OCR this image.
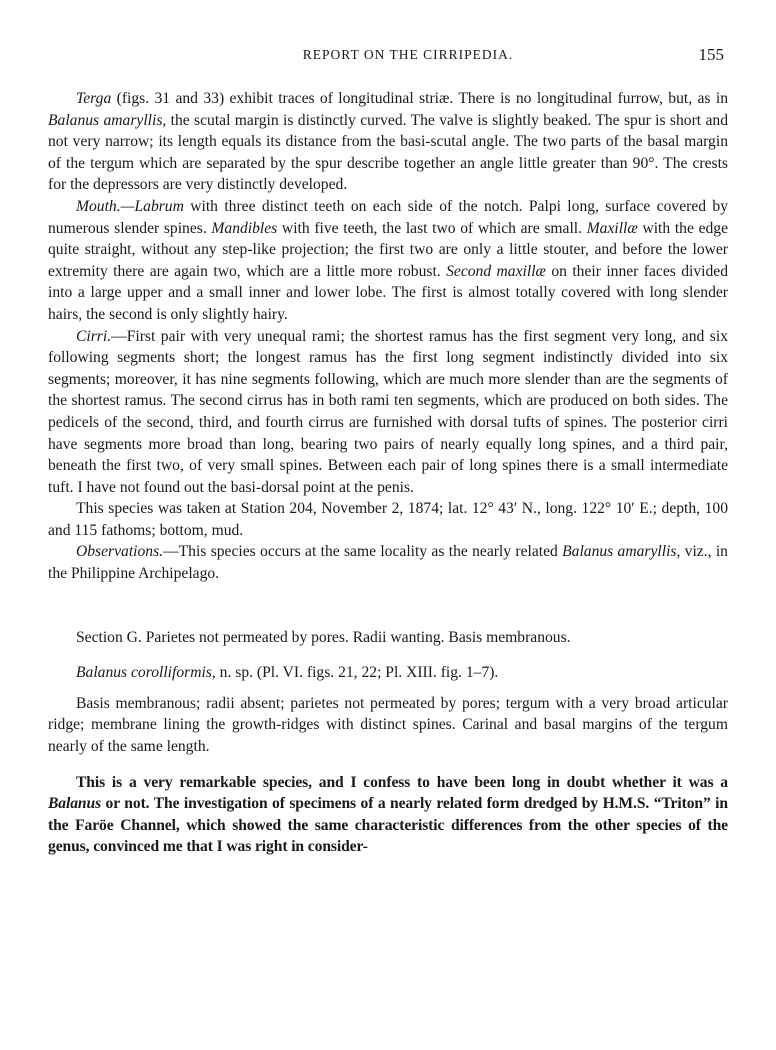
REPORT ON THE CIRRIPEDIA.	155

Terga (figs. 31 and 33) exhibit traces of longitudinal striæ. There is no longitudinal furrow, but, as in Balanus amaryllis, the scutal margin is distinctly curved. The valve is slightly beaked. The spur is short and not very narrow; its length equals its distance from the basi-scutal angle. The two parts of the basal margin of the tergum which are separated by the spur describe together an angle little greater than 90°. The crests for the depressors are very distinctly developed.

Mouth.—Labrum with three distinct teeth on each side of the notch. Palpi long, surface covered by numerous slender spines. Mandibles with five teeth, the last two of which are small. Maxillæ with the edge quite straight, without any step-like projection; the first two are only a little stouter, and before the lower extremity there are again two, which are a little more robust. Second maxillæ on their inner faces divided into a large upper and a small inner and lower lobe. The first is almost totally covered with long slender hairs, the second is only slightly hairy.

Cirri.—First pair with very unequal rami; the shortest ramus has the first segment very long, and six following segments short; the longest ramus has the first long segment indistinctly divided into six segments; moreover, it has nine segments following, which are much more slender than are the segments of the shortest ramus. The second cirrus has in both rami ten segments, which are produced on both sides. The pedicels of the second, third, and fourth cirrus are furnished with dorsal tufts of spines. The posterior cirri have segments more broad than long, bearing two pairs of nearly equally long spines, and a third pair, beneath the first two, of very small spines. Between each pair of long spines there is a small intermediate tuft. I have not found out the basi-dorsal point at the penis.

This species was taken at Station 204, November 2, 1874; lat. 12° 43′ N., long. 122° 10′ E.; depth, 100 and 115 fathoms; bottom, mud.

Observations.—This species occurs at the same locality as the nearly related Balanus amaryllis, viz., in the Philippine Archipelago.

Section G. Parietes not permeated by pores. Radii wanting. Basis membranous.

Balanus corolliformis, n. sp. (Pl. VI. figs. 21, 22; Pl. XIII. fig. 1–7).

Basis membranous; radii absent; parietes not permeated by pores; tergum with a very broad articular ridge; membrane lining the growth-ridges with distinct spines. Carinal and basal margins of the tergum nearly of the same length.

This is a very remarkable species, and I confess to have been long in doubt whether it was a Balanus or not. The investigation of specimens of a nearly related form dredged by H.M.S. “Triton” in the Faröe Channel, which showed the same characteristic differences from the other species of the genus, convinced me that I was right in consider-
